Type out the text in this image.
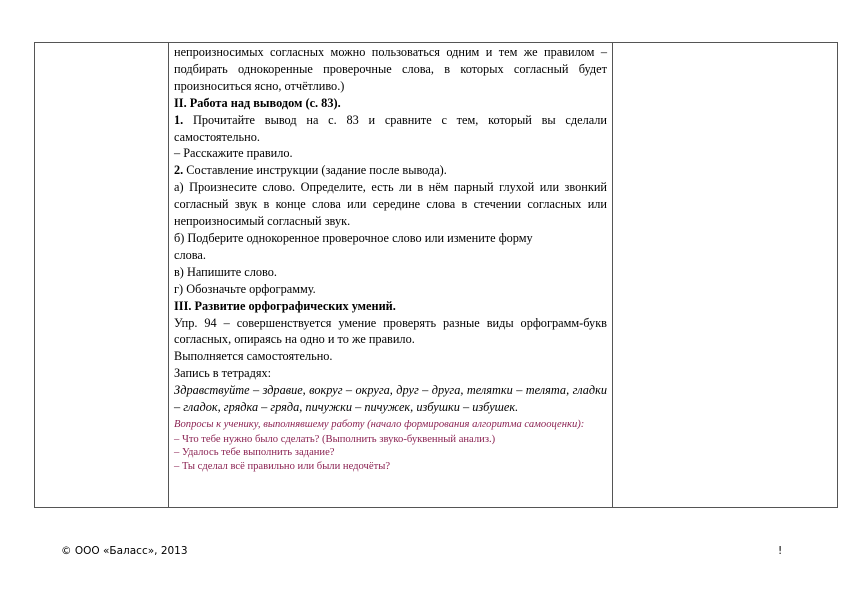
непроизносимых согласных можно пользоваться одним и тем же правилом – подбирать однокоренные проверочные слова, в которых согласный будет произноситься ясно, отчётливо.)

II. Работа над выводом (с. 83).

1. Прочитайте вывод на с. 83 и сравните с тем, который вы сделали самостоятельно.

– Расскажите правило.

2. Составление инструкции (задание после вывода).

а) Произнесите слово. Определите, есть ли в нём парный глухой или звонкий согласный звук в конце слова или середине слова в стечении согласных или непроизносимый согласный звук.

б) Подберите однокоренное проверочное слово или измените форму слова.

в) Напишите слово.

г) Обозначьте орфограмму.

III. Развитие орфографических умений.

Упр. 94 – совершенствуется умение проверять разные виды орфограмм-букв согласных, опираясь на одно и то же правило.

Выполняется самостоятельно.

Запись в тетрадях:

Здравствуйте – здравие, вокруг – округа, друг – друга, телятки – телята, гладки – гладок, грядка – гряда, пичужки – пичужек, избушки – избушек.

Вопросы к ученику, выполнявшему работу (начало формирования алгоритма самооценки):

– Что тебе нужно было сделать? (Выполнить звуко-буквенный анализ.)

– Удалось тебе выполнить задание?

– Ты сделал всё правильно или были недочёты?

© ООО «Баласс», 2013	!
